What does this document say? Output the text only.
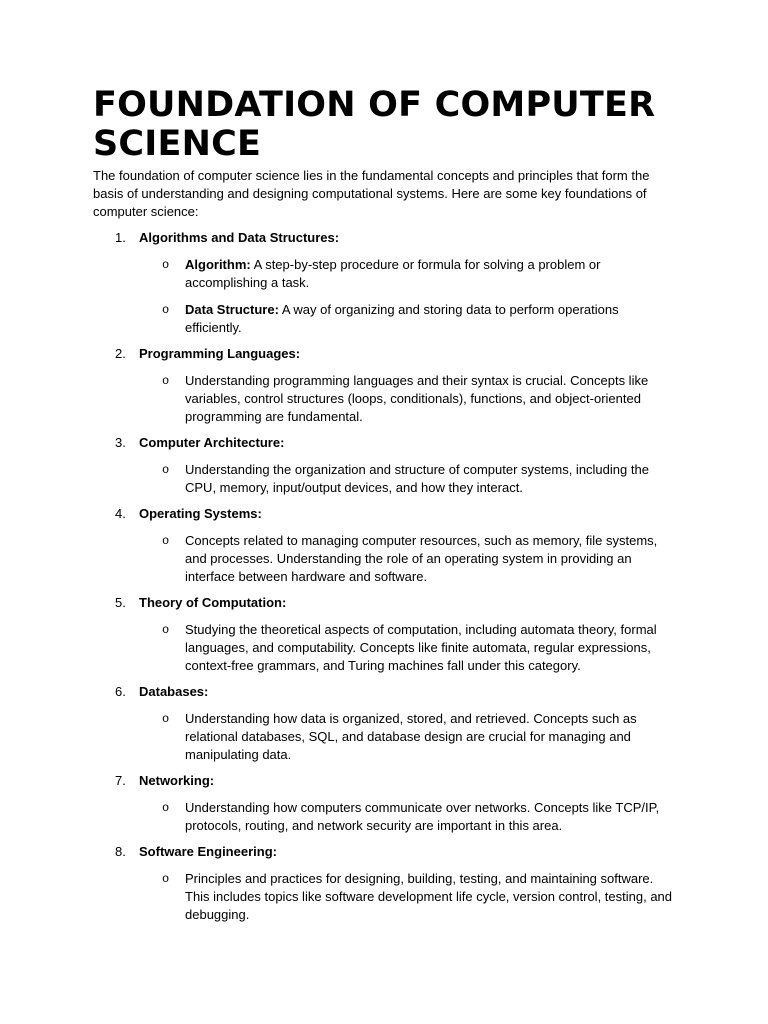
FOUNDATION OF COMPUTER SCIENCE

The foundation of computer science lies in the fundamental concepts and principles that form the basis of understanding and designing computational systems. Here are some key foundations of computer science:

1. Algorithms and Data Structures:
o Algorithm: A step-by-step procedure or formula for solving a problem or accomplishing a task.
o Data Structure: A way of organizing and storing data to perform operations efficiently.
2. Programming Languages:
o Understanding programming languages and their syntax is crucial. Concepts like variables, control structures (loops, conditionals), functions, and object-oriented programming are fundamental.
3. Computer Architecture:
o Understanding the organization and structure of computer systems, including the CPU, memory, input/output devices, and how they interact.
4. Operating Systems:
o Concepts related to managing computer resources, such as memory, file systems, and processes. Understanding the role of an operating system in providing an interface between hardware and software.
5. Theory of Computation:
o Studying the theoretical aspects of computation, including automata theory, formal languages, and computability. Concepts like finite automata, regular expressions, context-free grammars, and Turing machines fall under this category.
6. Databases:
o Understanding how data is organized, stored, and retrieved. Concepts such as relational databases, SQL, and database design are crucial for managing and manipulating data.
7. Networking:
o Understanding how computers communicate over networks. Concepts like TCP/IP, protocols, routing, and network security are important in this area.
8. Software Engineering:
o Principles and practices for designing, building, testing, and maintaining software. This includes topics like software development life cycle, version control, testing, and debugging.
